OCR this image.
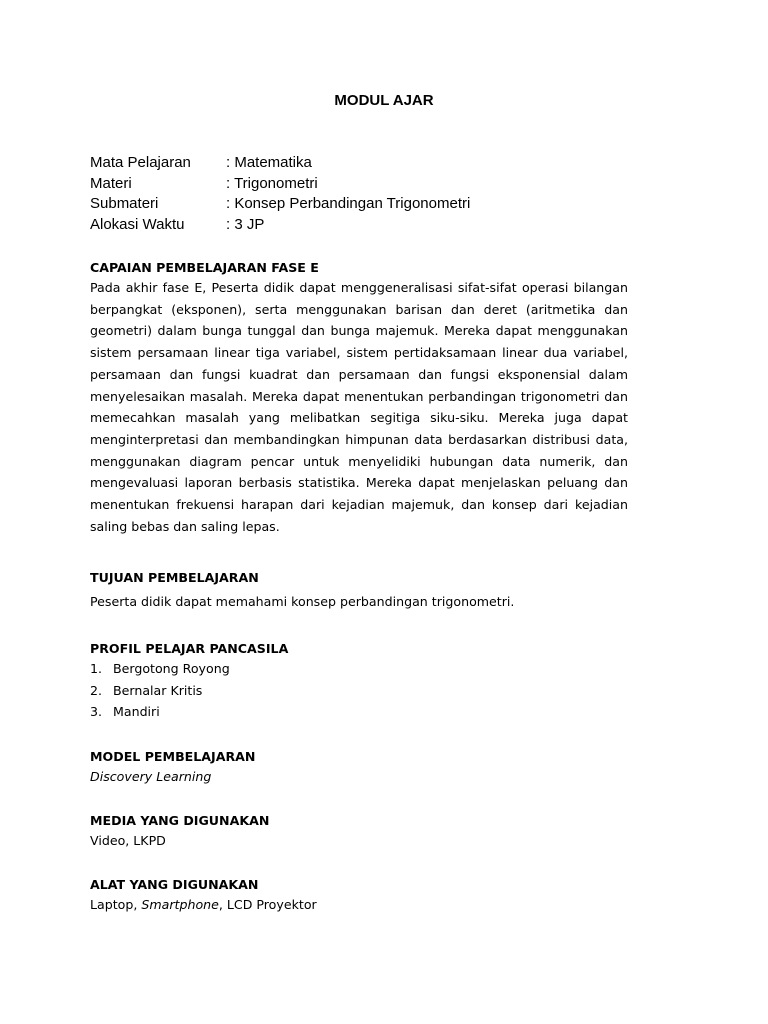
MODUL AJAR
Mata Pelajaran	: Matematika
Materi	: Trigonometri
Submateri	: Konsep Perbandingan Trigonometri
Alokasi Waktu	: 3 JP
CAPAIAN PEMBELAJARAN FASE E
Pada akhir fase E, Peserta didik dapat menggeneralisasi sifat-sifat operasi bilangan berpangkat (eksponen), serta menggunakan barisan dan deret (aritmetika dan geometri) dalam bunga tunggal dan bunga majemuk. Mereka dapat menggunakan sistem persamaan linear tiga variabel, sistem pertidaksamaan linear dua variabel, persamaan dan fungsi kuadrat dan persamaan dan fungsi eksponensial dalam menyelesaikan masalah. Mereka dapat menentukan perbandingan trigonometri dan memecahkan masalah yang melibatkan segitiga siku-siku. Mereka juga dapat menginterpretasi dan membandingkan himpunan data berdasarkan distribusi data, menggunakan diagram pencar untuk menyelidiki hubungan data numerik, dan mengevaluasi laporan berbasis statistika. Mereka dapat menjelaskan peluang dan menentukan frekuensi harapan dari kejadian majemuk, dan konsep dari kejadian saling bebas dan saling lepas.
TUJUAN PEMBELAJARAN
Peserta didik dapat memahami konsep perbandingan trigonometri.
PROFIL PELAJAR PANCASILA
1. Bergotong Royong
2. Bernalar Kritis
3. Mandiri
MODEL PEMBELAJARAN
Discovery Learning
MEDIA YANG DIGUNAKAN
Video, LKPD
ALAT YANG DIGUNAKAN
Laptop, Smartphone, LCD Proyektor
